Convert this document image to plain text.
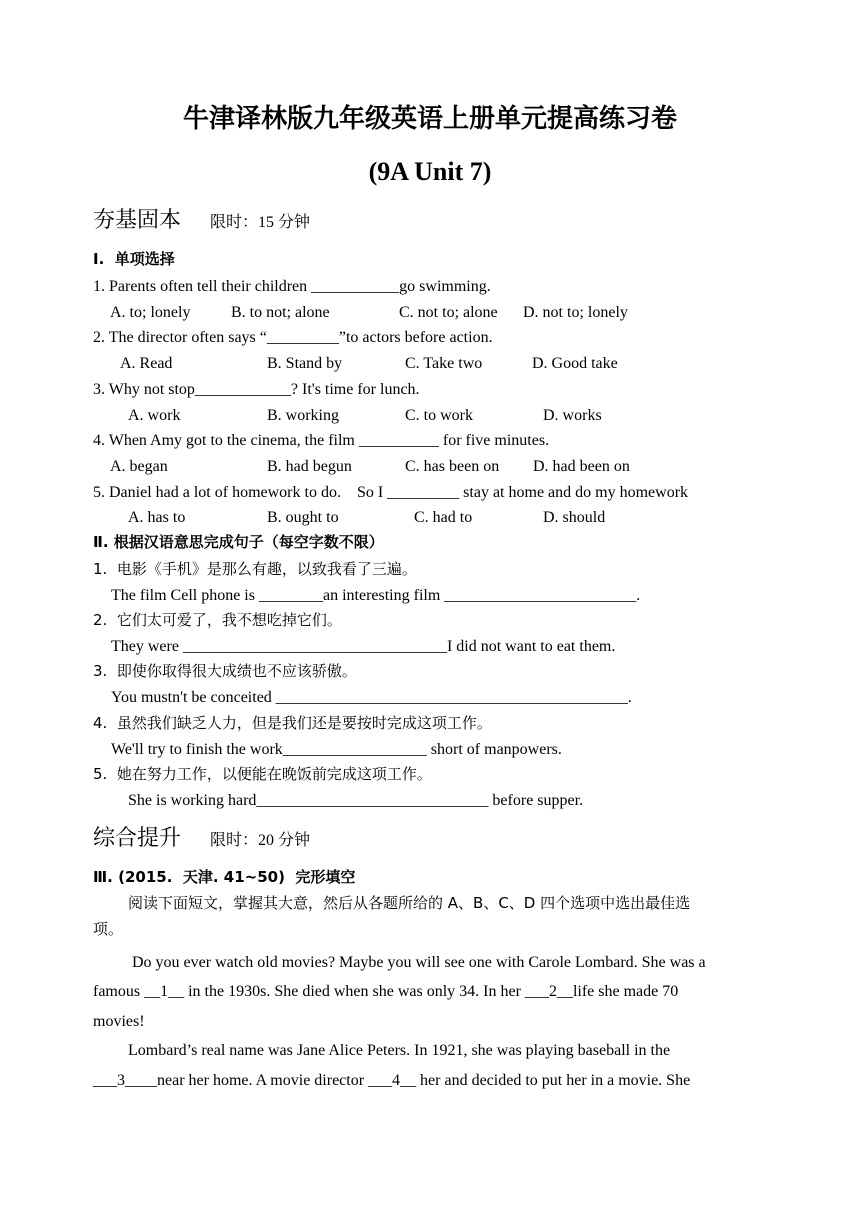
牛津译林版九年级英语上册单元提高练习卷
(9A Unit 7)
夯基固本 限时：15 分钟
I.  单项选择
1. Parents often tell their children ___________go swimming.
A. to; lonely	B. to not; alone	C. not to; alone D. not to; lonely
2. The director often says “_________”to actors before action.
A. Read	B. Stand by	C. Take two	D. Good take
3. Why not stop____________? It's time for lunch.
A. work	B. working	C. to work	D. works
4. When Amy got to the cinema, the film __________ for five minutes.
A. began	B. had begun	C. has been on D. had been on
5. Daniel had a lot of homework to do.    So I _________ stay at home and do my homework
A. has to	B. ought to	C. had to	D. should
Ⅱ. 根据汉语意思完成句子（每空字数不限）
1.  电影《手机》是那么有趣，以致我看了三遍。
The film Cell phone is ________an interesting film ________________________.
2.  它们太可爱了，我不想吃掉它们。
They were _________________________________I did not want to eat them.
3.  即使你取得很大成绩也不应该骄傲。
You mustn't be conceited ____________________________________________.
4.  虽然我们缺乏人力，但是我们还是要按时完成这项工作。
We'll try to finish the work__________________ short of manpowers.
5.  她在努力工作，以便能在晚饭前完成这项工作。
She is working hard_____________________________ before supper.
综合提升 限时：20 分钟
Ⅲ. (2015.  天津. 41~50)  完形填空
阅读下面短文，掌握其大意，然后从各题所给的 A、B、C、D 四个选项中选出最佳选
项。
Do you ever watch old movies? Maybe you will see one with Carole Lombard. She was a
famous __1__ in the 1930s. She died when she was only 34. In her ___2__life she made 70
movies!
Lombard’s real name was Jane Alice Peters. In 1921, she was playing baseball in the
___3____near her home. A movie director ___4__ her and decided to put her in a movie. She
